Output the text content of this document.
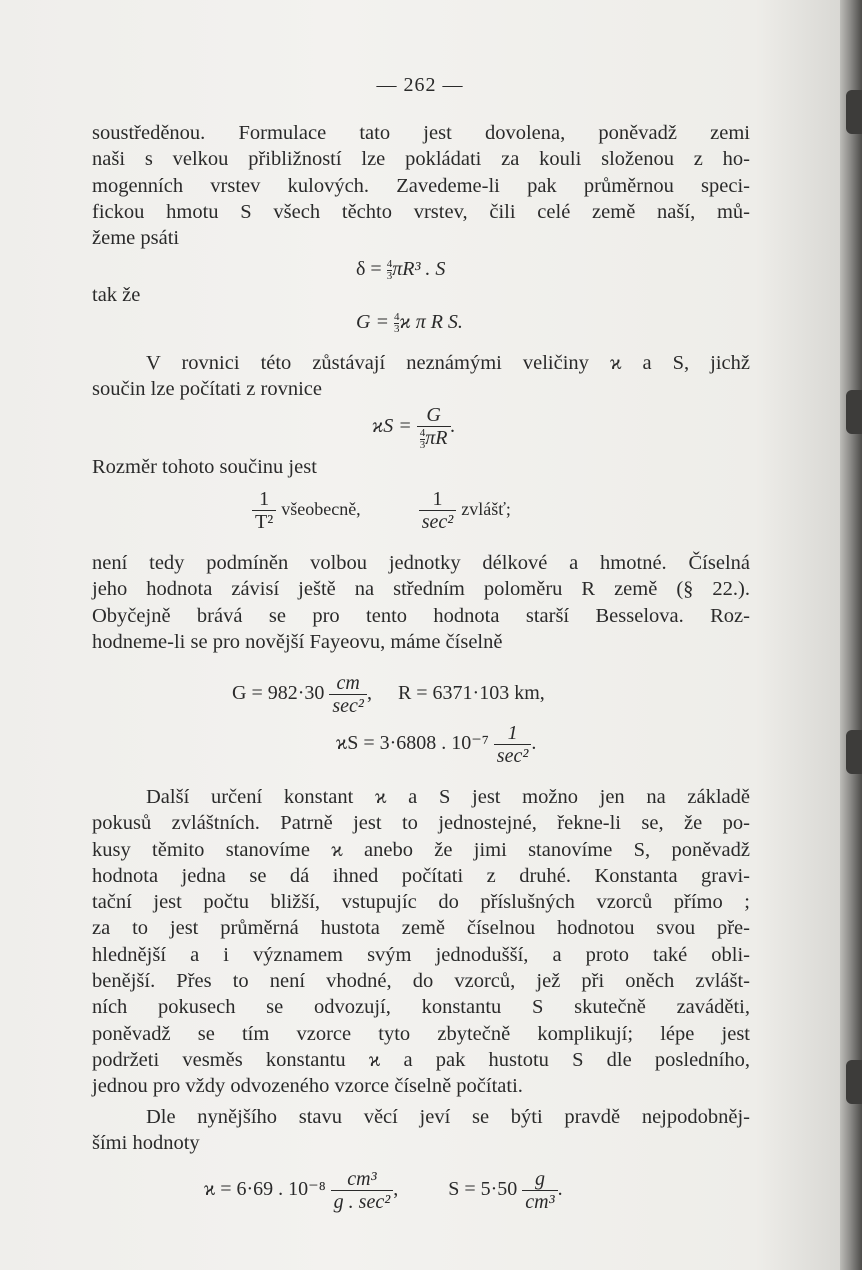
— 262 —
soustředěnou. Formulace tato jest dovolena, poněvadž zemi
naši s velkou přibližností lze pokládati za kouli složenou z ho-
mogenních vrstev kulových. Zavedeme-li pak průměrnou speci-
fickou hmotu S všech těchto vrstev, čili celé země naší, mů-
žeme psáti
$\delta = \frac{4}{3} \pi R^3$ . S
tak že
$G = \frac{4}{3}$ ϰ π R S.
V rovnici této zůstávají neznámými veličiny ϰ a S, jichž
součin lze počítati z rovnice
$ϰS = \frac{G}{\frac{4}{3} \pi R}$ .
Rozměr tohoto součinu jest
$\frac{1}{\text{T²}}$ všeobecně,	$\frac{1}{\text{sec²}}$ zvlášť;
není tedy podmíněn volbou jednotky délkové a hmotné. Číselná
jeho hodnota závisí ještě na středním poloměru R země (§ 22.).
Obyčejně brává se pro tento hodnota starší Besselova. Roz-
hodneme-li se pro novější Fayeovu, máme číselně
$G = 982\cdot 30 \frac{cm}{\text{sec²}}$ , R = 6371·103 km,
ϰS = 3·6808 . $10^{-7} \frac{1}{\text{sec²}}$ .
Další určení konstant ϰ a S jest možno jen na základě
pokusů zvláštních. Patrně jest to jednostejné, řekne-li se, že po-
kusy těmito stanovíme ϰ anebo že jimi stanovíme S, poněvadž
hodnota jedna se dá ihned počítati z druhé. Konstanta gravi-
tační jest počtu bližší, vstupujíc do příslušných vzorců přímo ;
za to jest průměrná hustota země číselnou hodnotou svou pře-
hlednější a i významem svým jednodušší, a proto také obli-
benější. Přes to není vhodné, do vzorců, jež při oněch zvlášt-
ních pokusech se odvozují, konstantu S skutečně zaváděti,
poněvadž se tím vzorce tyto zbytečně komplikují; lépe jest
podržeti vesměs konstantu ϰ a pak hustotu S dle posledního,
jednou pro vždy odvozeného vzorce číselně počítati.
Dle nynějšího stavu věcí jeví se býti pravdě nejpodobněj-
šími hodnoty
ϰ = 6·69 . $10^{-8} \frac{\text{cm³}}{\text{g . sec²}}$ ,	$S = 5\cdot 50 \frac{g}{\text{cm³}}$ .
